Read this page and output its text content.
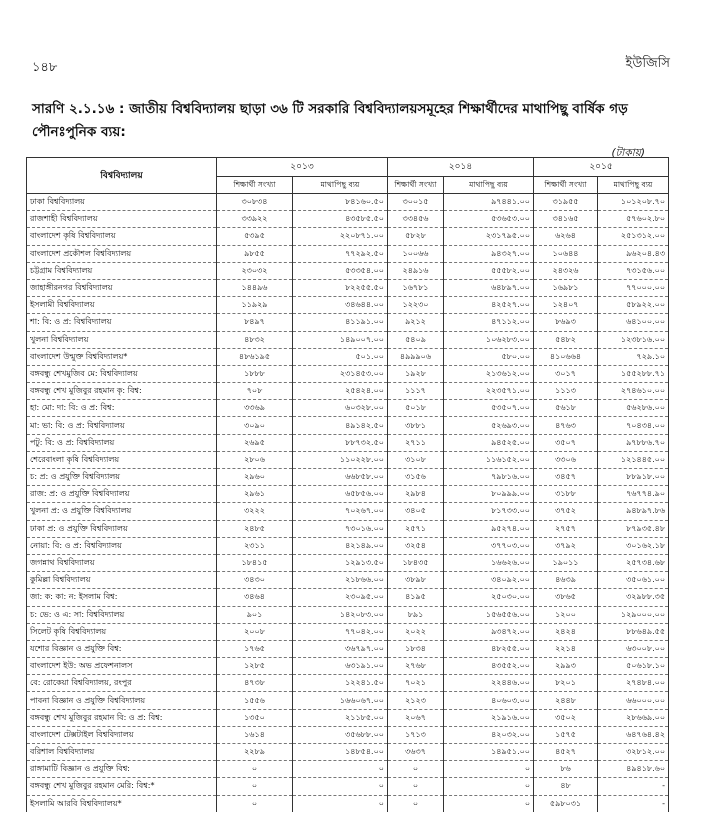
১৪৮	ইউজিসি
সারণি ২.১.১৬ : জাতীয় বিশ্ববিদ্যালয় ছাড়া ৩৬ টি সরকারি বিশ্ববিদ্যালয়সমূহের শিক্ষার্থীদের মাথাপিছু বার্ষিক গড় পৌনঃপুনিক ব্যয়:
(টাকায়)
বিশ্ববিদ্যালয়	২০১৩		২০১৪		২০১৫	
	শিক্ষার্থী সংখ্যা	মাথাপিছু ব্যয়	শিক্ষার্থী সংখ্যা	মাথাপিছু ব্যয়	শিক্ষার্থী সংখ্যা	মাথাপিছু ব্যয়
ঢাকা বিশ্ববিদ্যালয়	৩০৮৩৪	৮৪১৬০.৫০	৩০০১৫	৯৭৪৪১.০০	৩১৯৫৫	১০১২০৮.৭০
রাজশাহী বিশ্ববিদ্যালয়	৩৩৯২২	৪৩৫৮৫.৫০	৩৩৪৫৬	৫৩৬৫৩.০০	৩৪১৬৫	৫৭৬০২.৮০
বাংলাদেশ কৃষি বিশ্ববিদ্যালয়	৫৩৯৫	২২০৮৭১.০০	৫৮২৮	২৩১৭৯৫.০০	৬২৬৪	২৫১৩১২.০০
বাংলাদেশ প্রকৌশল বিশ্ববিদ্যালয়	৯৮৫৫	৭৭২৯২.৫০	১০০৬৬	৯৪৩২৭.০০	১০৬৪৪	৯৬২০৪.৪৩
চট্টগ্রাম বিশ্ববিদ্যালয়	২৩০৩২	৫৩৩৫৪.০০	২৪৯১৬	৫৫৫৮২.০০	২৪৩২৬	৭৩১৫৬.০০
জাহাঙ্গীরনগর বিশ্ববিদ্যালয়	১৪৪৯৬	৮২২৫৫.৫০	১৬৭৮১	৬৪৮৯৭.০০	১৬৯৮১	৭৭০০০.০০
ইসলামী বিশ্ববিদ্যালয়	১১৯২৯	৩৪৬৪৪.০০	১২২৩০	৪২৫২৭.০০	১২৪০৭	৫৮৯২২.০০
শা: বি: ও প্র: বিশ্ববিদ্যালয়	৮৪৯৭	৪১১৯১.০০	৯২১২	৪৭১১২.০০	৮৬৯৩	৬৪১০০.০০
খুলনা বিশ্ববিদ্যালয়	৪৮৩২	১৪৯০০৭.০০	৫৪০৯	১০৬২৮৩.০০	৫৪৮২	১২৩৮১৬.০০
বাংলাদেশ উন্মুক্ত বিশ্ববিদ্যালয়*	৪৮৬১৯৫	৫০১.০০	৪৯৯৯০৬	৫৮০.০০	৪১০৬৬৪	৭২৯.১০
বঙ্গবন্ধু শেখমুজিব মে: বিশ্ববিদ্যালয়	১৮৮৮	২৩১৪৫৩.০০	১৯২৮	২১৩৬১২.০০	৩০১৭	১৫৫২৮৮.৭১
বঙ্গবন্ধু শেখ মুজিবুর রহমান কৃ: বিশ্ব:	৭০৮	২৫৪২৪.০০	১১১৭	২২৩৫৭১.০০	১১১৩	২৭৪৬১০.০০
হা: মো: দা: বি: ও প্র: বিশ্ব:	৩৩৬৯	৬০৩২৮.০০	৫০১৮	৫৩৫০৭.০০	৫৬১৮	৫৬২৮৬.০০
মা: ভা: বি: ও প্র: বিশ্ববিদ্যালয়	৩০৯০	৪৯১৪২.৫০	৩৮৮১	৫২৬৯৩.০০	৪৭৬৩	৭০৪৩৪.০০
পটু: বি: ও প্র: বিশ্ববিদ্যালয়	২৬৯৫	৮৮৭৩২.৫০	২৭১১	৯৪৫২৫.০০	৩৫০৭	৯৭৮৮৬.৭০
শেরেবাংলা কৃষি বিশ্ববিদ্যালয়	২৮০৬	১১০২২৮.০০	৩১০৮	১১৬১৫২.০০	৩৩০৬	১২১৪৪৫.০০
চ: প্র: ও প্রযুক্তি বিশ্ববিদ্যালয়	২৯৬০	৬৬৮৫৮.০০	৩১৫৬	৭৯৮১৬.০০	৩৪৫৭	৮৮৯১৮.০০
রাজ: প্র: ও প্রযুক্তি বিশ্ববিদ্যালয়	২৯৬১	৬৫৮৫৬.০০	২৯৮৪	৮০৯৯৯.০০	৩১৮৮	৭৬৭৭৪.৯০
খুলনা প্র: ও প্রযুক্তি বিশ্ববিদ্যালয়	৩২২২	৭০২৬৭.০০	৩৪০৫	৮১৭৩৩.০০	৩৭৫২	৯৪৮৯৭.৮৬
ঢাকা প্র: ও প্রযুক্তি বিশ্ববিদ্যালয়	২৪৮৫	৭৩০১৬.০০	২৫৭১	৯৫২৭৪.০০	২৭৫৭	৮৭৯৩৫.৪৮
নোয়া: বি: ও প্র: বিশ্ববিদ্যালয়	২৩১১	৪২১৪৯.০০	৩২৫৪	৩৭৭০৩.০০	৩৭৯২	৩০১৬২.১৮
জগন্নাথ বিশ্ববিদ্যালয়	১৮৪১৫	১২৯১৩.৫০	১৮৪৩৫	১৬৬২৬.০০	১৯০১১	২৫৭৩৪.৬৮
কুমিল্লা বিশ্ববিদ্যালয়	৩৪৩০	২১৮৬৬.০০	৩৮৯৮	৩৪০৯২.০০	৪৬৩৯	৩৫০৬১.০০
জা: ক: কা: ন: ইসলাম বিশ্ব:	৩৪৬৪	২৩০৯৫.০০	৪১৯৫	২৫০৩০.০০	৩৮৬৫	৩২৯৮৮.৩৫
চ: ভে: ও এ: সা: বিশ্ববিদ্যালয়	৯০১	১৪২০৮৩.০০	৮৯১	১৫৬৫৫৬.০০	১২০০	১২৯০০০.০০
সিলেট কৃষি বিশ্ববিদ্যালয়	২০০৮	৭৭০৪২.০০	২০২২	৯৩৪৭২.০০	২৪২৪	৮৮৬৪৯.৫৫
যশোর বিজ্ঞান ও প্রযুক্তি বিশ্ব:	১৭৬৫	৩৬৭৯৭.০০	১৮৩৪	৪৮২৫৫.০০	২২১৪	৬৩০০৮.০০
বাংলাদেশ ইউ: অভ প্রফেশনালস	১২৮৫	৬৩১৯১.০০	২৭৬৮	৪৩৫৫২.০০	২৯৯৩	৫০৬১৮.১০
বে: রোকেয়া বিশ্ববিদ্যালয়, রংপুর	৪৭৩৮	১২২৪১.৫০	৭০২১	২২৪৪৬.০০	৮২০১	২৭৪৮৪.০০
পাবনা বিজ্ঞান ও প্রযুক্তি বিশ্ববিদ্যালয়	১৫৫৬	১৬৬০৬৭.০০	২১২৩	৪০৬০৩.০০	২৪৪৮	৬৬০০০.০০
বঙ্গবন্ধু শেখ মুজিবুর রহমান বি: ও প্র: বিশ্ব:	১৩৫০	২১১৮৫.০০	২০৬৭	২১৯১৬.০০	৩৫০২	২৮৬৬৯.০০
বাংলাদেশ টেক্সটাইল বিশ্ববিদ্যালয়	১৬১৪	৩৫৬৮৮.০০	১৭১৩	৪২০৩২.০০	১৫৭৫	৬৪৭৬৪.৪২
বরিশাল বিশ্ববিদ্যালয়	২২৮৯	১৪৮৫৪.০০	৩৬৩৭	১৪৯৫১.০০	৪৫২৭	৩২৮১২.০০
রাঙ্গামাটি বিজ্ঞান ও প্রযুক্তি বিশ্ব:	০	০	০	০	৮৬	৪৯৪১৮.৬০
বঙ্গবন্ধু শেখ মুজিবুর রহমান মেরি: বিশ্ব:*	০	০	০	০	৪৮	-
ইসলামি আরবি বিশ্ববিদ্যালয়*	০	০	০	০	৫৯৮০৩১	-
